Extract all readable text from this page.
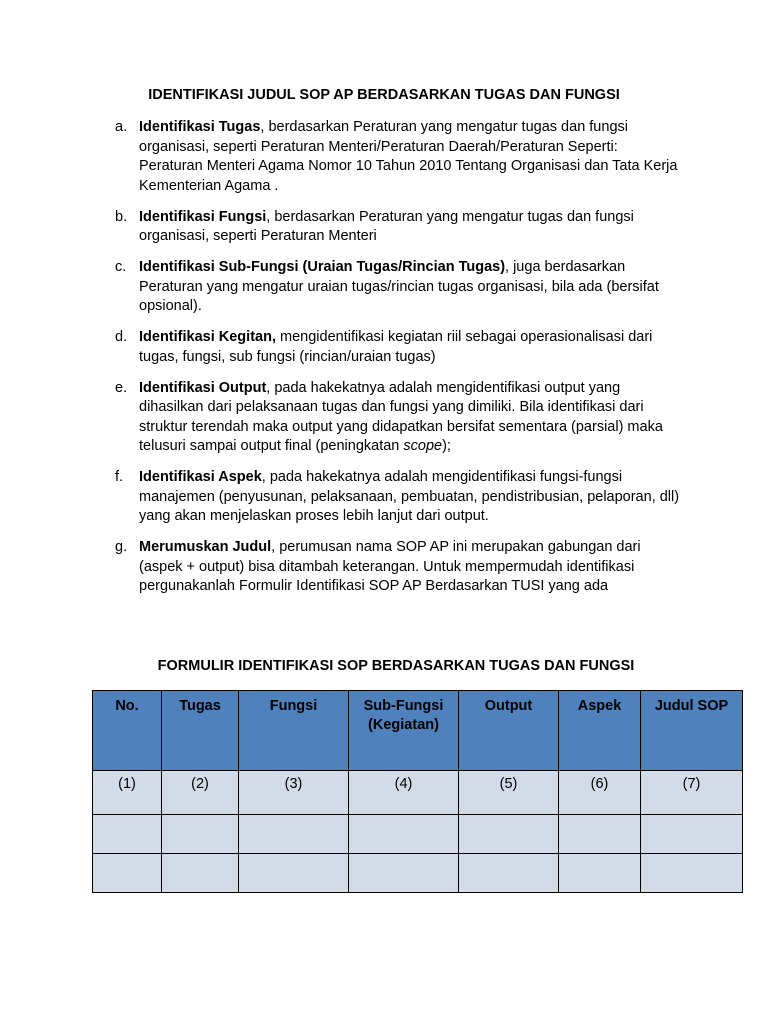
IDENTIFIKASI JUDUL SOP AP BERDASARKAN TUGAS DAN FUNGSI
a. Identifikasi Tugas, berdasarkan Peraturan yang mengatur tugas dan fungsi organisasi, seperti Peraturan Menteri/Peraturan Daerah/Peraturan Seperti: Peraturan Menteri Agama Nomor 10 Tahun 2010 Tentang Organisasi dan Tata Kerja Kementerian Agama .
b. Identifikasi Fungsi, berdasarkan Peraturan yang mengatur tugas dan fungsi organisasi, seperti Peraturan Menteri
c. Identifikasi Sub-Fungsi (Uraian Tugas/Rincian Tugas), juga berdasarkan Peraturan yang mengatur uraian tugas/rincian tugas organisasi, bila ada (bersifat opsional).
d. Identifikasi Kegitan, mengidentifikasi kegiatan riil sebagai operasionalisasi dari tugas, fungsi, sub fungsi (rincian/uraian tugas)
e. Identifikasi Output, pada hakekatnya adalah mengidentifikasi output yang dihasilkan dari pelaksanaan tugas dan fungsi yang dimiliki. Bila identifikasi dari struktur terendah maka output yang didapatkan bersifat sementara (parsial) maka telusuri sampai output final (peningkatan scope);
f. Identifikasi Aspek, pada hakekatnya adalah mengidentifikasi fungsi-fungsi manajemen (penyusunan, pelaksanaan, pembuatan, pendistribusian, pelaporan, dll) yang akan menjelaskan proses lebih lanjut dari output.
g. Merumuskan Judul, perumusan nama SOP AP ini merupakan gabungan dari (aspek + output) bisa ditambah keterangan. Untuk mempermudah identifikasi pergunakanlah Formulir Identifikasi SOP AP Berdasarkan TUSI yang ada
FORMULIR IDENTIFIKASI SOP BERDASARKAN TUGAS DAN FUNGSI
No.	Tugas	Fungsi	Sub-Fungsi (Kegiatan)	Output	Aspek	Judul SOP
(1)	(2)	(3)	(4)	(5)	(6)	(7)
